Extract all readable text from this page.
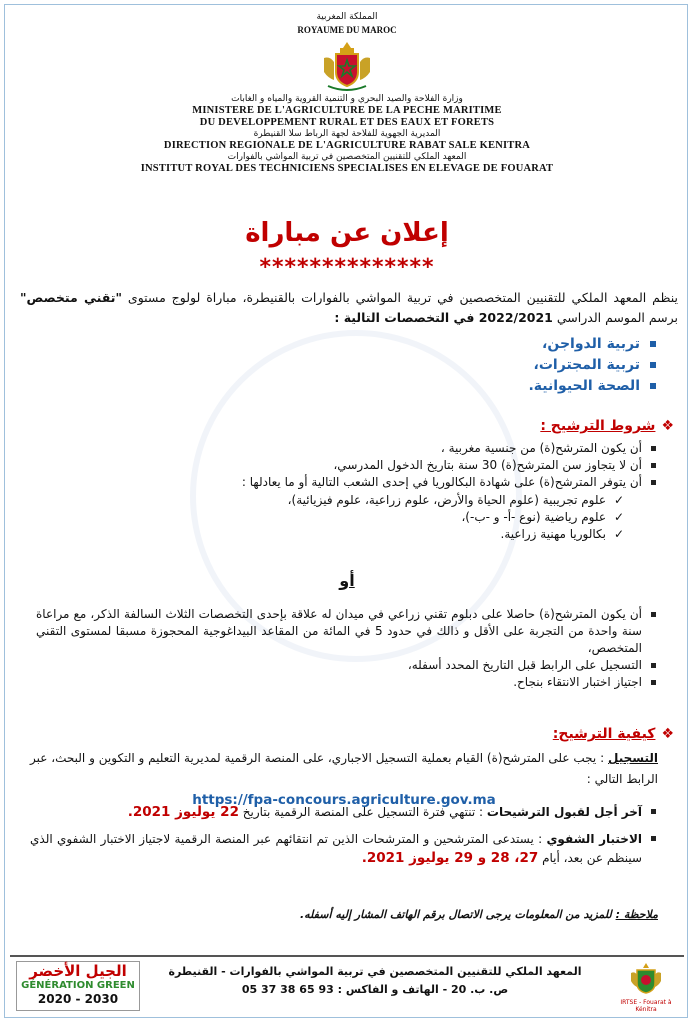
المملكة المغربية
ROYAUME DU MAROC
وزارة الفلاحة والصيد البحري و التنمية القروية والمياه و الغابات
MINISTERE DE L'AGRICULTURE DE LA PECHE MARITIME
DU DEVELOPPEMENT RURAL ET DES EAUX ET FORETS
المديرية الجهوية للفلاحة لجهة الرباط سلا القنيطرة
DIRECTION REGIONALE DE L'AGRICULTURE RABAT SALE KENITRA
المعهد الملكي للتقنيين المتخصصين في تربية المواشي بالفوارات
INSTITUT ROYAL DES TECHNICIENS SPECIALISES EN ELEVAGE DE FOUARAT
إعلان عن مباراة
**************
ينظم المعهد الملكي للتقنيين المتخصصين في تربية المواشي بالفوارات بالقنيطرة، مباراة لولوج مستوى "تقني متخصص" برسم الموسم الدراسي 2022/2021 في التخصصات التالية :
تربية الدواجن،
تربية المجترات،
الصحة الحيوانية.
❖شروط الترشيح :
أن يكون المترشح(ة) من جنسية مغربية ،
أن لا يتجاوز سن المترشح(ة) 30 سنة بتاريخ الدخول المدرسي،
أن يتوفر المترشح(ة) على شهادة البكالوريا في إحدى الشعب التالية أو ما يعادلها :
✓
علوم تجريبية (علوم الحياة والأرض، علوم زراعية، علوم فيزيائية)،
✓
علوم رياضية (نوع -أ- و -ب-)،
✓
بكالوريا مهنية زراعية.
أو
أن يكون المترشح(ة) حاصلا على دبلوم تقني زراعي في ميدان له علاقة بإحدى التخصصات الثلاث السالفة الذكر، مع مراعاة سنة واحدة من التجربة على الأقل و ذالك في حدود 5 في المائة من المقاعد البيداغوجية المحجوزة مسبقا لمستوى التقني المتخصص،
التسجيل على الرابط قبل التاريخ المحدد أسفله،
اجتياز اختبار الانتقاء بنجاح.
❖كيفية الترشيح:
التسجيل : يجب على المترشح(ة) القيام بعملية التسجيل الاجباري، على المنصة الرقمية لمديرية التعليم و التكوين و البحث، عبر الرابط التالي :
https://fpa-concours.agriculture.gov.ma
آخر أجل لقبول الترشيحات : تنتهي فترة التسجيل على المنصة الرقمية بتاريخ 22 يوليوز 2021.
الاختبار الشفوي : يستدعى المترشحين و المترشحات الذين تم انتقائهم عبر المنصة الرقمية لاجتياز الاختبار الشفوي الذي سينظم عن بعد، أيام 27، 28 و 29 يوليوز 2021.
ملاحظة : للمزيد من المعلومات يرجى الاتصال برقم الهاتف المشار إليه أسفله.
الجيل الأخضر
GÉNÉRATION GREEN
2020 - 2030
المعهد الملكي للتقنيين المتخصصين في تربية المواشي بالفوارات - القنيطرة
ص. ب. 20 - الهاتف و الفاكس : 93 65 38 37 05
IRTSE - Fouarat à Kénitra
